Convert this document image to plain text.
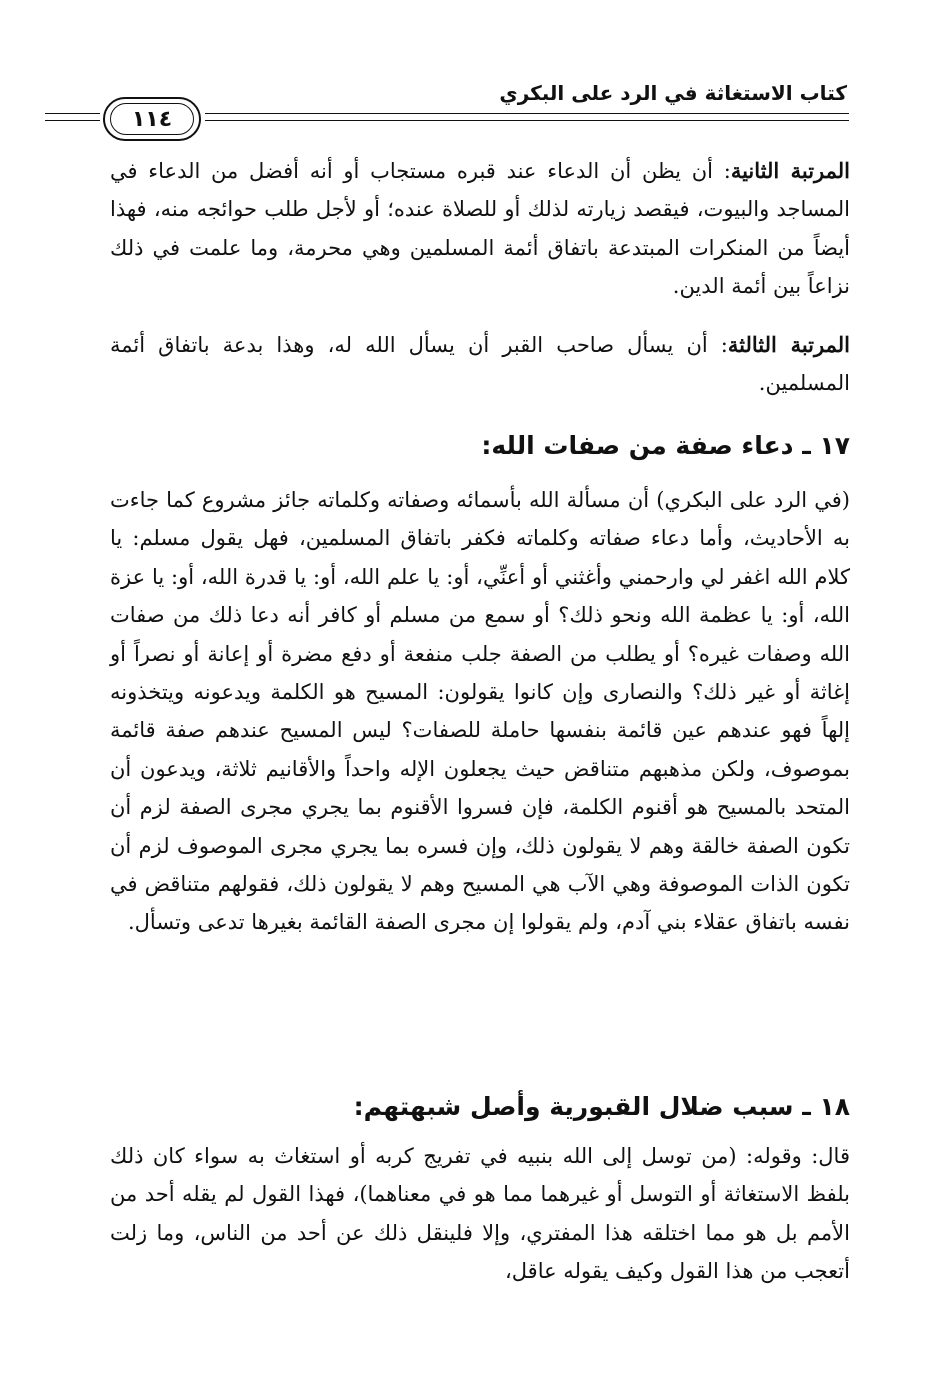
كتاب الاستغاثة في الرد على البكري
١١٤

المرتبة الثانية: أن يظن أن الدعاء عند قبره مستجاب أو أنه أفضل من الدعاء في المساجد والبيوت، فيقصد زيارته لذلك أو للصلاة عنده؛ أو لأجل طلب حوائجه منه، فهذا أيضاً من المنكرات المبتدعة باتفاق أئمة المسلمين وهي محرمة، وما علمت في ذلك نزاعاً بين أئمة الدين.

المرتبة الثالثة: أن يسأل صاحب القبر أن يسأل الله له، وهذا بدعة باتفاق أئمة المسلمين.

١٧ ـ دعاء صفة من صفات الله:

(في الرد على البكري) أن مسألة الله بأسمائه وصفاته وكلماته جائز مشروع كما جاءت به الأحاديث، وأما دعاء صفاته وكلماته فكفر باتفاق المسلمين، فهل يقول مسلم: يا كلام الله اغفر لي وارحمني وأغثني أو أعنِّي، أو: يا علم الله، أو: يا قدرة الله، أو: يا عزة الله، أو: يا عظمة الله ونحو ذلك؟ أو سمع من مسلم أو كافر أنه دعا ذلك من صفات الله وصفات غيره؟ أو يطلب من الصفة جلب منفعة أو دفع مضرة أو إعانة أو نصراً أو إغاثة أو غير ذلك؟ والنصارى وإن كانوا يقولون: المسيح هو الكلمة ويدعونه ويتخذونه إلهاً فهو عندهم عين قائمة بنفسها حاملة للصفات؟ ليس المسيح عندهم صفة قائمة بموصوف، ولكن مذهبهم متناقض حيث يجعلون الإله واحداً والأقانيم ثلاثة، ويدعون أن المتحد بالمسيح هو أقنوم الكلمة، فإن فسروا الأقنوم بما يجري مجرى الصفة لزم أن تكون الصفة خالقة وهم لا يقولون ذلك، وإن فسره بما يجري مجرى الموصوف لزم أن تكون الذات الموصوفة وهي الآب هي المسيح وهم لا يقولون ذلك، فقولهم متناقض في نفسه باتفاق عقلاء بني آدم، ولم يقولوا إن مجرى الصفة القائمة بغيرها تدعى وتسأل.

١٨ ـ سبب ضلال القبورية وأصل شبهتهم:

قال: وقوله: (من توسل إلى الله بنبيه في تفريج كربه أو استغاث به سواء كان ذلك بلفظ الاستغاثة أو التوسل أو غيرهما مما هو في معناهما)، فهذا القول لم يقله أحد من الأمم بل هو مما اختلقه هذا المفتري، وإلا فلينقل ذلك عن أحد من الناس، وما زلت أتعجب من هذا القول وكيف يقوله عاقل،
